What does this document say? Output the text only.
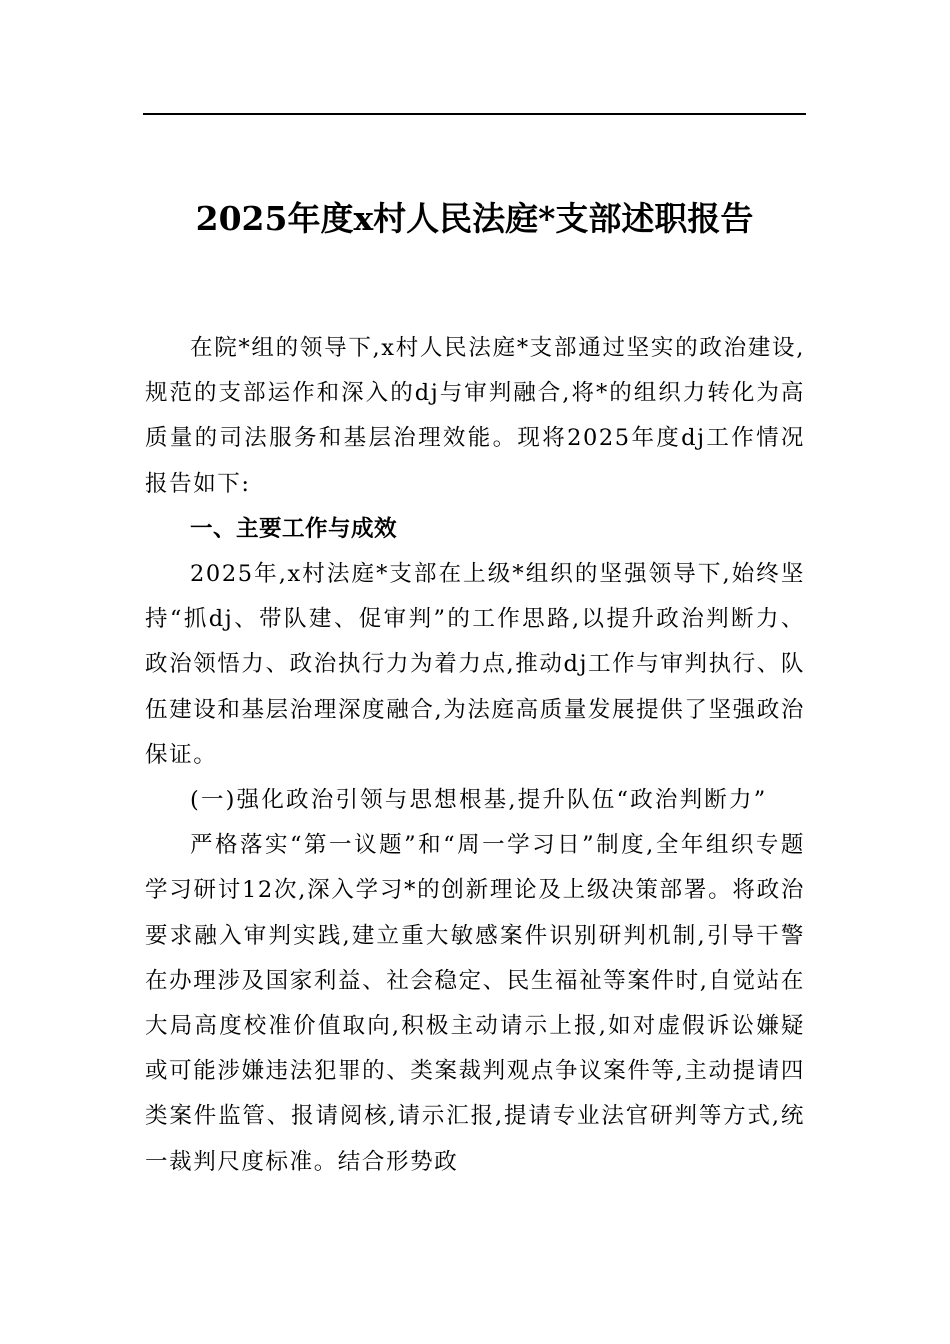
2025年度x村人民法庭*支部述职报告

在院*组的领导下,x村人民法庭*支部通过坚实的政治建设,规范的支部运作和深入的dj与审判融合,将*的组织力转化为高质量的司法服务和基层治理效能。现将2025年度dj工作情况报告如下:

一、主要工作与成效

2025年,x村法庭*支部在上级*组织的坚强领导下,始终坚持“抓dj、带队建、促审判”的工作思路,以提升政治判断力、政治领悟力、政治执行力为着力点,推动dj工作与审判执行、队伍建设和基层治理深度融合,为法庭高质量发展提供了坚强政治保证。

(一)强化政治引领与思想根基,提升队伍“政治判断力”

严格落实“第一议题”和“周一学习日”制度,全年组织专题学习研讨12次,深入学习*的创新理论及上级决策部署。将政治要求融入审判实践,建立重大敏感案件识别研判机制,引导干警在办理涉及国家利益、社会稳定、民生福祉等案件时,自觉站在大局高度校准价值取向,积极主动请示上报,如对虚假诉讼嫌疑或可能涉嫌违法犯罪的、类案裁判观点争议案件等,主动提请四类案件监管、报请阅核,请示汇报,提请专业法官研判等方式,统一裁判尺度标准。结合形势政
